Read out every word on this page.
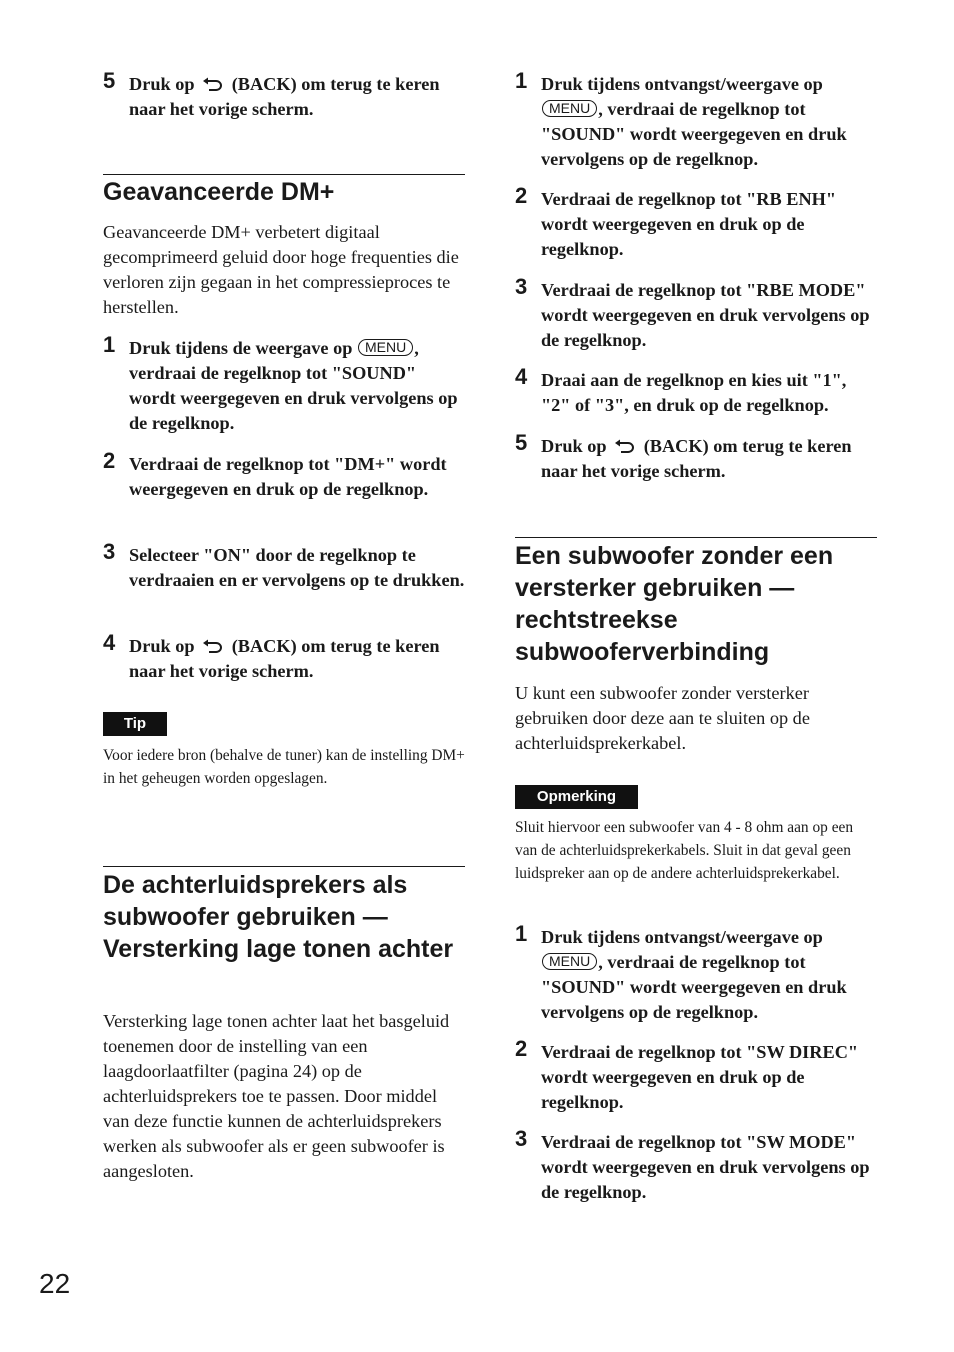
5 Druk op (BACK) om terug te keren naar het vorige scherm.
Geavanceerde DM+

Geavanceerde DM+ verbetert digitaal gecomprimeerd geluid door hoge frequenties die verloren zijn gegaan in het compressieproces te herstellen.

1 Druk tijdens de weergave op MENU , verdraai de regelknop tot "SOUND" wordt weergegeven en druk vervolgens op de regelknop.
2 Verdraai de regelknop tot "DM+" wordt weergegeven en druk op de regelknop.
3 Selecteer "ON" door de regelknop te verdraaien en er vervolgens op te drukken.
4 Druk op (BACK) om terug te keren naar het vorige scherm.
Tip

Voor iedere bron (behalve de tuner) kan de instelling DM+ in het geheugen worden opgeslagen.

De achterluidsprekers als subwoofer gebruiken — Versterking lage tonen achter

Versterking lage tonen achter laat het basgeluid toenemen door de instelling van een laagdoorlaatfilter (pagina 24) op de achterluidsprekers toe te passen. Door middel van deze functie kunnen de achterluidsprekers werken als subwoofer als er geen subwoofer is aangesloten.

1 Druk tijdens ontvangst/weergave op MENU , verdraai de regelknop tot "SOUND" wordt weergegeven en druk vervolgens op de regelknop.
2 Verdraai de regelknop tot "RB ENH" wordt weergegeven en druk op de regelknop.
3 Verdraai de regelknop tot "RBE MODE" wordt weergegeven en druk vervolgens op de regelknop.
4 Draai aan de regelknop en kies uit "1", "2" of "3", en druk op de regelknop.
5 Druk op (BACK) om terug te keren naar het vorige scherm.
Een subwoofer zonder een versterker gebruiken — rechtstreekse subwooferverbinding

U kunt een subwoofer zonder versterker gebruiken door deze aan te sluiten op de achterluidsprekerkabel.

Opmerking

Sluit hiervoor een subwoofer van 4 - 8 ohm aan op een van de achterluidsprekerkabels. Sluit in dat geval geen luidspreker aan op de andere achterluidsprekerkabel.

1 Druk tijdens ontvangst/weergave op MENU , verdraai de regelknop tot "SOUND" wordt weergegeven en druk vervolgens op de regelknop.
2 Verdraai de regelknop tot "SW DIREC" wordt weergegeven en druk op de regelknop.
3 Verdraai de regelknop tot "SW MODE" wordt weergegeven en druk vervolgens op de regelknop.
22
